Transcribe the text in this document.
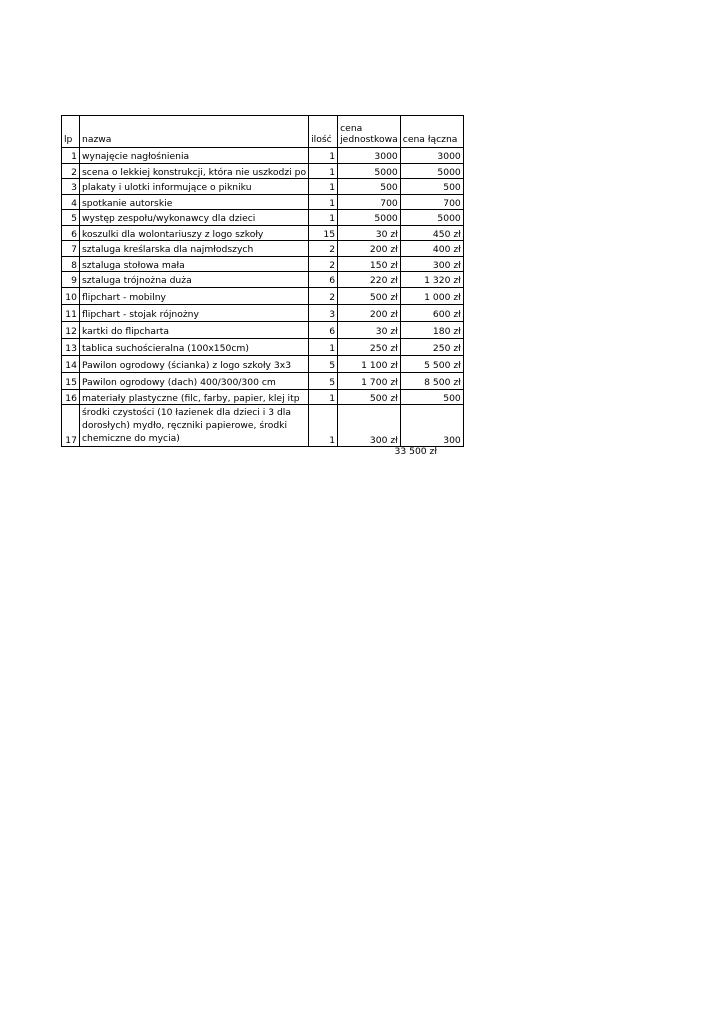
lp	nazwa	ilość	cena jednostkowa	cena łączna
1	wynajęcie nagłośnienia	1	3000	3000
2	scena o lekkiej konstrukcji, która nie uszkodzi po	1	5000	5000
3	plakaty i ulotki informujące o pikniku	1	500	500
4	spotkanie autorskie	1	700	700
5	występ zespołu/wykonawcy dla dzieci	1	5000	5000
6	koszulki dla wolontariuszy z logo szkoły	15	30 zł	450 zł
7	sztaluga kreślarska dla najmłodszych	2	200 zł	400 zł
8	sztaluga stołowa mała	2	150 zł	300 zł
9	sztaluga trójnożna duża	6	220 zł	1 320 zł
10	flipchart - mobilny	2	500 zł	1 000 zł
11	flipchart - stojak rójnożny	3	200 zł	600 zł
12	kartki do flipcharta	6	30 zł	180 zł
13	tablica suchościeralna (100x150cm)	1	250 zł	250 zł
14	Pawilon ogrodowy (ścianka) z logo szkoły 3x3	5	1 100 zł	5 500 zł
15	Pawilon ogrodowy (dach) 400/300/300 cm	5	1 700 zł	8 500 zł
16	materiały plastyczne (filc, farby, papier, klej itp	1	500 zł	500
17	środki czystości (10 łazienek dla dzieci i 3 dla dorosłych) mydło, ręczniki papierowe, środki chemiczne do mycia)	1	300 zł	300
33 500 zł
